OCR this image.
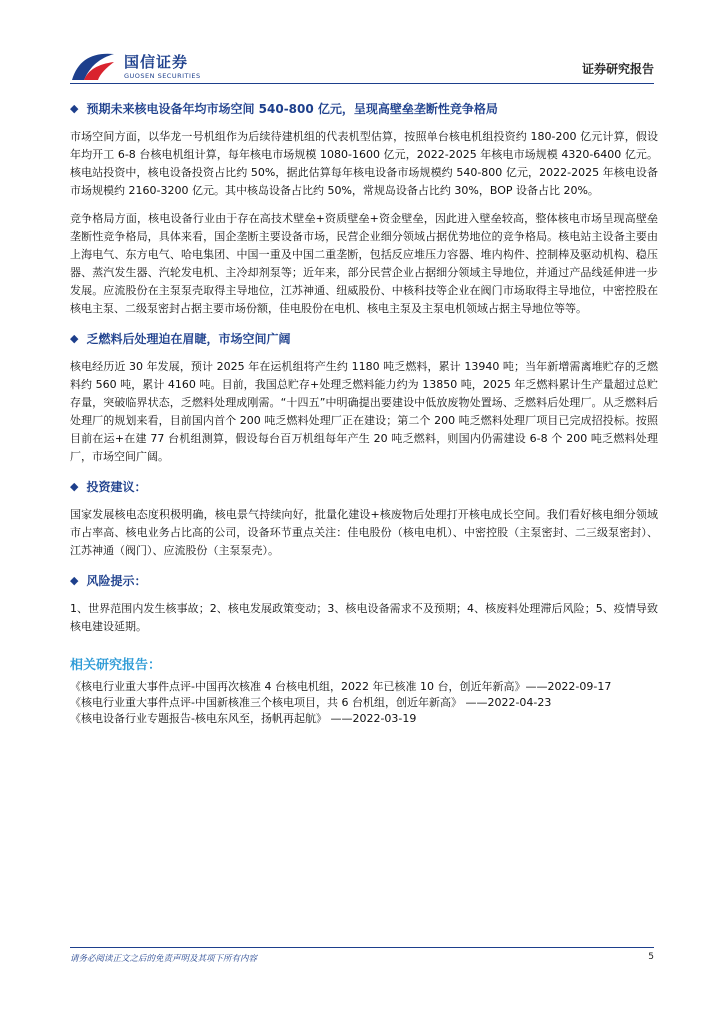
国信证券
GUOSEN SECURITIES	证券研究报告
◆ 预期未来核电设备年均市场空间 540-800 亿元，呈现高壁垒垄断性竞争格局
市场空间方面，以华龙一号机组作为后续待建机组的代表机型估算，按照单台核电机组投资约 180-200 亿元计算，假设年均开工 6-8 台核电机组计算，每年核电市场规模 1080-1600 亿元，2022-2025 年核电市场规模 4320-6400 亿元。核电站投资中，核电设备投资占比约 50%，据此估算每年核电设备市场规模约 540-800 亿元，2022-2025 年核电设备市场规模约 2160-3200 亿元。其中核岛设备占比约 50%，常规岛设备占比约 30%，BOP 设备占比 20%。
竞争格局方面，核电设备行业由于存在高技术壁垒+资质壁垒+资金壁垒，因此进入壁垒较高，整体核电市场呈现高壁垒垄断性竞争格局，具体来看，国企垄断主要设备市场，民营企业细分领域占据优势地位的竞争格局。核电站主设备主要由上海电气、东方电气、哈电集团、中国一重及中国二重垄断，包括反应堆压力容器、堆内构件、控制棒及驱动机构、稳压器、蒸汽发生器、汽轮发电机、主冷却剂泵等；近年来，部分民营企业占据细分领域主导地位，并通过产品线延伸进一步发展。应流股份在主泵泵壳取得主导地位，江苏神通、纽威股份、中核科技等企业在阀门市场取得主导地位，中密控股在核电主泵、二级泵密封占据主要市场份额，佳电股份在电机、核电主泵及主泵电机领域占据主导地位等等。
◆ 乏燃料后处理迫在眉睫，市场空间广阔
核电经历近 30 年发展，预计 2025 年在运机组将产生约 1180 吨乏燃料，累计 13940 吨；当年新增需离堆贮存的乏燃料约 560 吨，累计 4160 吨。目前，我国总贮存+处理乏燃料能力约为 13850 吨，2025 年乏燃料累计生产量超过总贮存量，突破临界状态，乏燃料处理成刚需。“十四五”中明确提出要建设中低放废物处置场、乏燃料后处理厂。从乏燃料后处理厂的规划来看，目前国内首个 200 吨乏燃料处理厂正在建设；第二个 200 吨乏燃料处理厂项目已完成招投标。按照目前在运+在建 77 台机组测算，假设每台百万机组每年产生 20 吨乏燃料，则国内仍需建设 6-8 个 200 吨乏燃料处理厂，市场空间广阔。
◆ 投资建议：
国家发展核电态度积极明确，核电景气持续向好，批量化建设+核废物后处理打开核电成长空间。我们看好核电细分领域市占率高、核电业务占比高的公司，设备环节重点关注：佳电股份（核电电机）、中密控股（主泵密封、二三级泵密封）、江苏神通（阀门）、应流股份（主泵泵壳）。
◆ 风险提示：
1、世界范围内发生核事故；2、核电发展政策变动；3、核电设备需求不及预期；4、核废料处理滞后风险；5、疫情导致核电建设延期。
相关研究报告：
《核电行业重大事件点评-中国再次核准 4 台核电机组，2022 年已核准 10 台，创近年新高》——2022-09-17
《核电行业重大事件点评-中国新核准三个核电项目，共 6 台机组，创近年新高》 ——2022-04-23
《核电设备行业专题报告-核电东风至，扬帆再起航》 ——2022-03-19
请务必阅读正文之后的免责声明及其项下所有内容	5
